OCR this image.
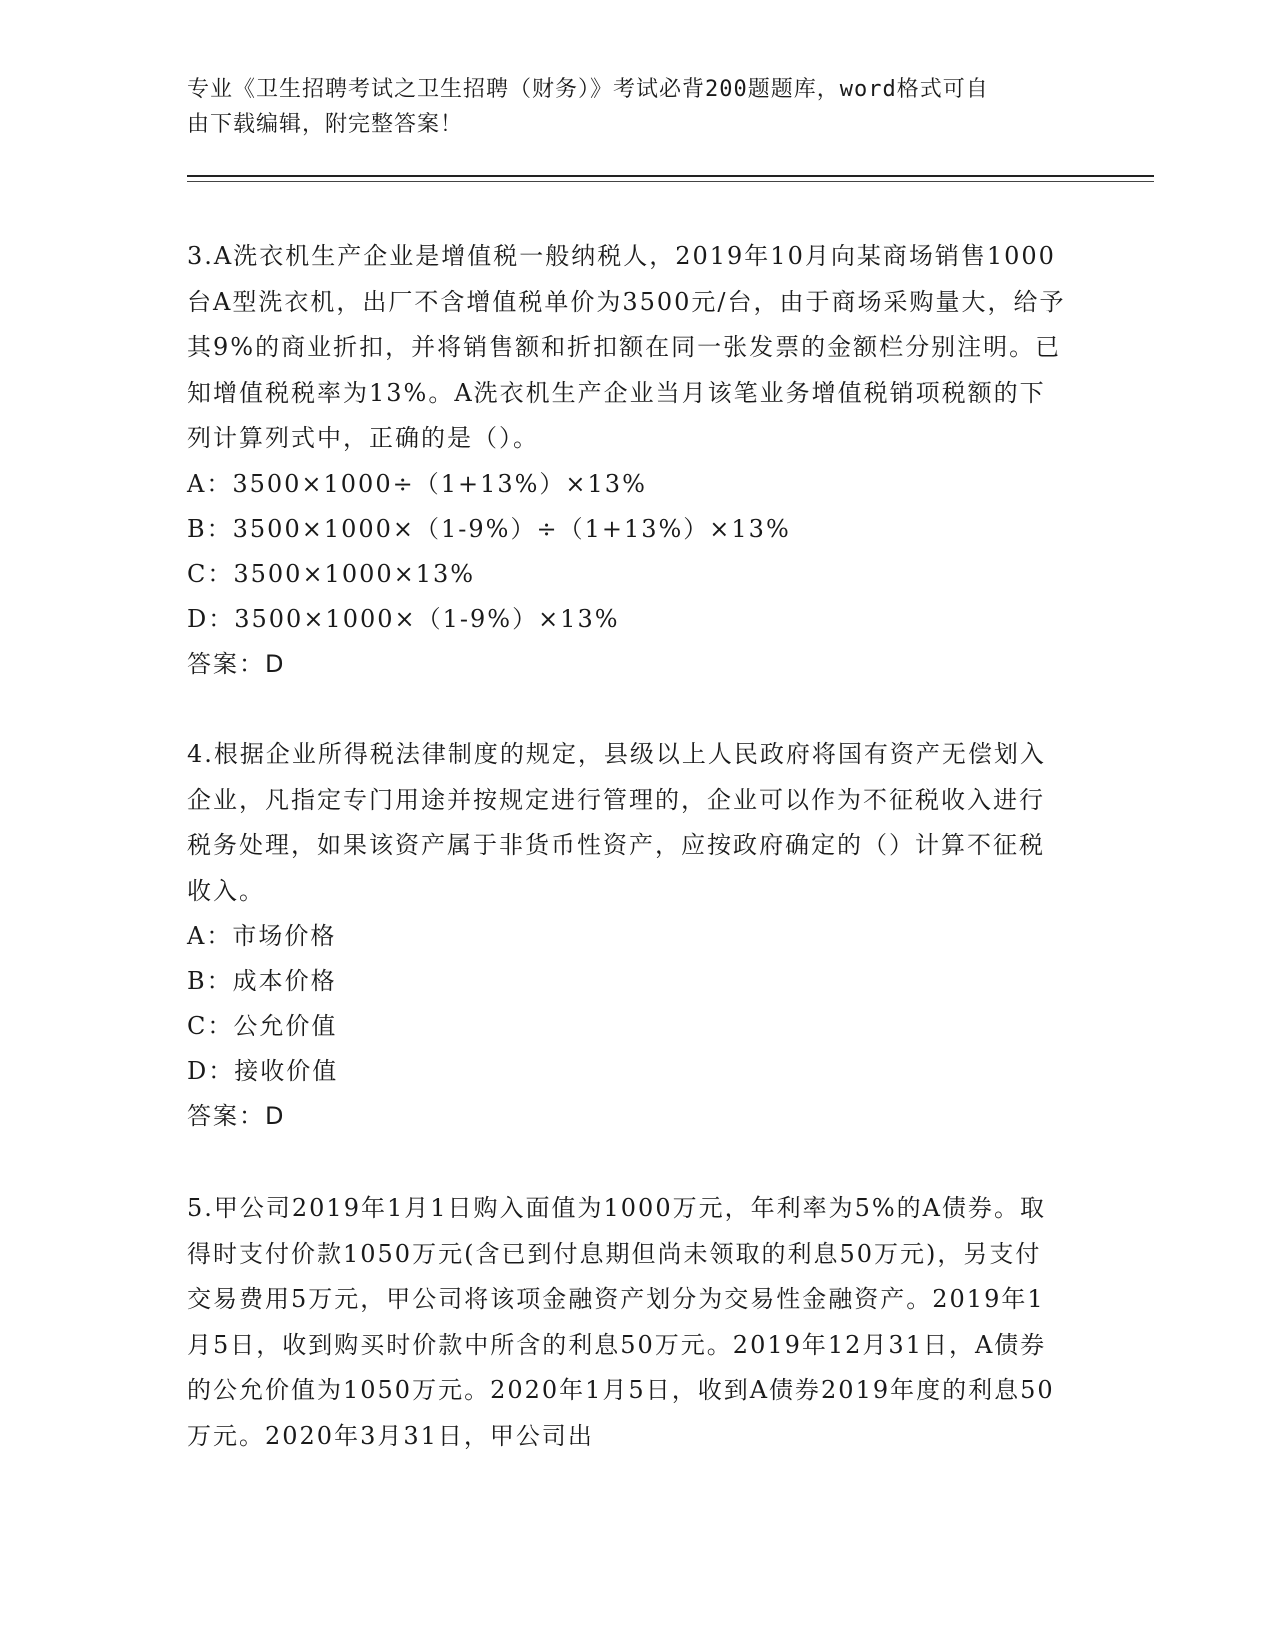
专业《卫生招聘考试之卫生招聘（财务）》考试必背200题题库，word格式可自
由下载编辑，附完整答案！

3.A洗衣机生产企业是增值税一般纳税人，2019年10月向某商场销售1000台A型洗衣机，出厂不含增值税单价为3500元/台，由于商场采购量大，给予其9%的商业折扣，并将销售额和折扣额在同一张发票的金额栏分别注明。已知增值税税率为13%。A洗衣机生产企业当月该笔业务增值税销项税额的下列计算列式中，正确的是（）。

A：3500×1000÷（1+13%）×13%

B：3500×1000×（1-9%）÷（1+13%）×13%

C：3500×1000×13%

D：3500×1000×（1-9%）×13%

答案：D

4.根据企业所得税法律制度的规定，县级以上人民政府将国有资产无偿划入企业，凡指定专门用途并按规定进行管理的，企业可以作为不征税收入进行税务处理，如果该资产属于非货币性资产，应按政府确定的（）计算不征税收入。

A：市场价格

B：成本价格

C：公允价值

D：接收价值

答案：D

5.甲公司2019年1月1日购入面值为1000万元，年利率为5%的A债券。取得时支付价款1050万元(含已到付息期但尚未领取的利息50万元)，另支付交易费用5万元，甲公司将该项金融资产划分为交易性金融资产。2019年1月5日，收到购买时价款中所含的利息50万元。2019年12月31日，A债券的公允价值为1050万元。2020年1月5日，收到A债券2019年度的利息50万元。2020年3月31日，甲公司出
